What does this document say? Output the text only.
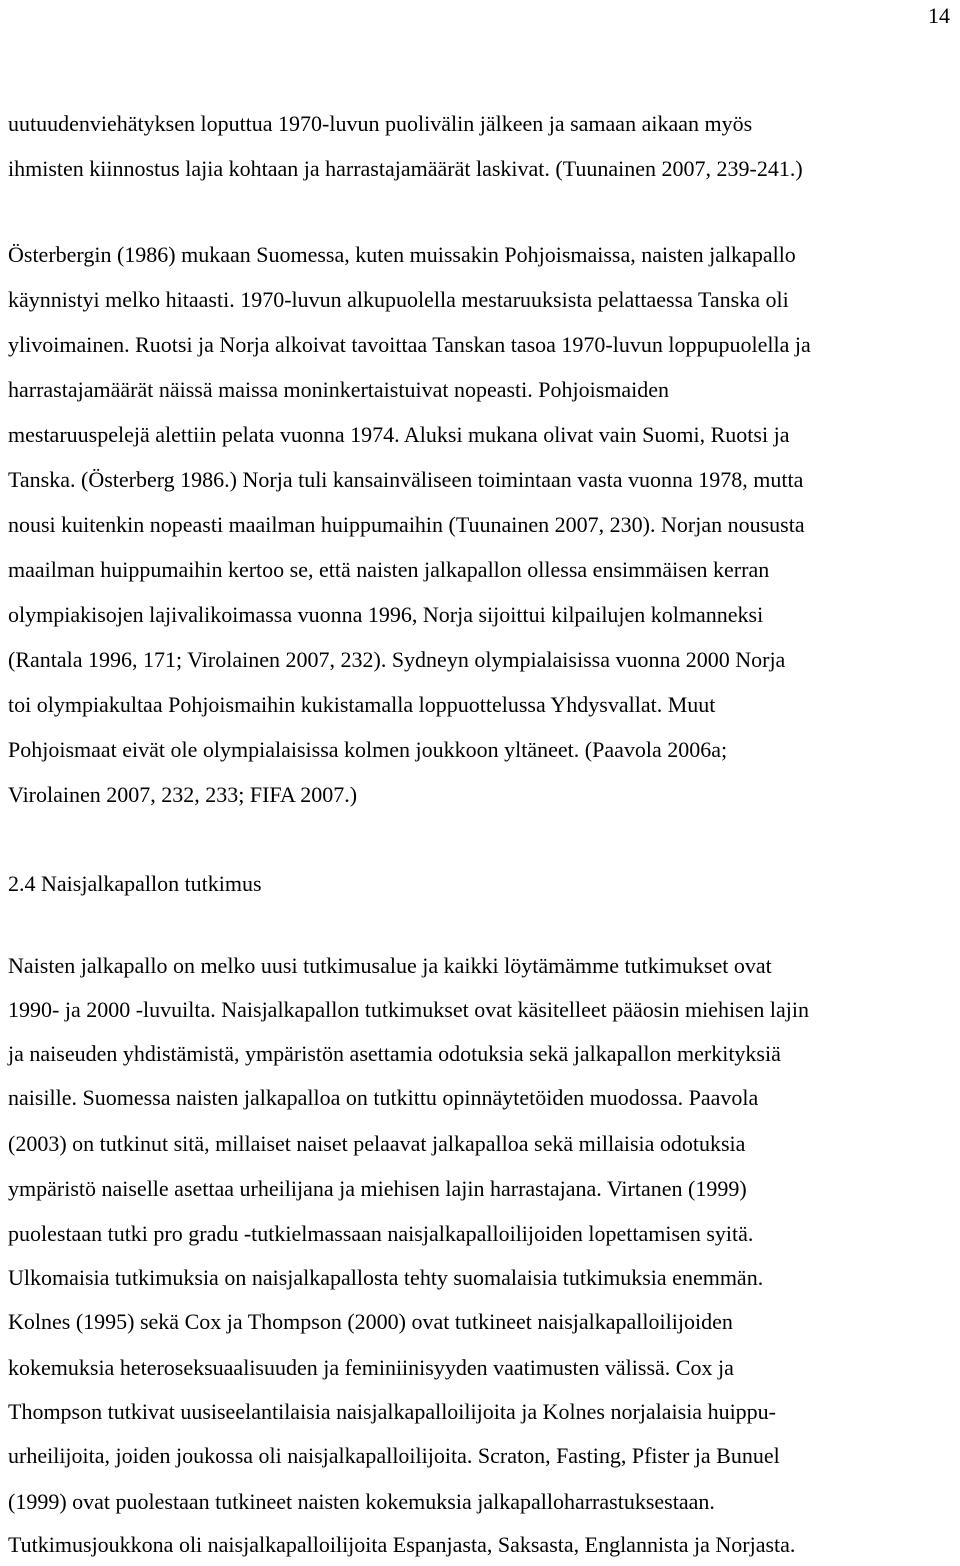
14
uutuudenviehätyksen loputtua 1970-luvun puolivälin jälkeen ja samaan aikaan myös
ihmisten kiinnostus lajia kohtaan ja harrastajamäärät laskivat. (Tuunainen 2007, 239-241.)
Österbergin (1986) mukaan Suomessa, kuten muissakin Pohjoismaissa, naisten jalkapallo
käynnistyi melko hitaasti. 1970-luvun alkupuolella mestaruuksista pelattaessa Tanska oli
ylivoimainen. Ruotsi ja Norja alkoivat tavoittaa Tanskan tasoa 1970-luvun loppupuolella ja
harrastajamäärät näissä maissa moninkertaistuivat nopeasti. Pohjoismaiden
mestaruuspelejä alettiin pelata vuonna 1974. Aluksi mukana olivat vain Suomi, Ruotsi ja
Tanska. (Österberg 1986.) Norja tuli kansainväliseen toimintaan vasta vuonna 1978, mutta
nousi kuitenkin nopeasti maailman huippumaihin (Tuunainen 2007, 230). Norjan noususta
maailman huippumaihin kertoo se, että naisten jalkapallon ollessa ensimmäisen kerran
olympiakisojen lajivalikoimassa vuonna 1996, Norja sijoittui kilpailujen kolmanneksi
(Rantala 1996, 171; Virolainen 2007, 232). Sydneyn olympialaisissa vuonna 2000 Norja
toi olympiakultaa Pohjoismaihin kukistamalla loppuottelussa Yhdysvallat. Muut
Pohjoismaat eivät ole olympialaisissa kolmen joukkoon yltäneet. (Paavola 2006a;
Virolainen 2007, 232, 233; FIFA 2007.)
2.4 Naisjalkapallon tutkimus
Naisten jalkapallo on melko uusi tutkimusalue ja kaikki löytämämme tutkimukset ovat
1990- ja 2000 -luvuilta. Naisjalkapallon tutkimukset ovat käsitelleet pääosin miehisen lajin
ja naiseuden yhdistämistä, ympäristön asettamia odotuksia sekä jalkapallon merkityksiä
naisille. Suomessa naisten jalkapalloa on tutkittu opinnäytetöiden muodossa. Paavola
(2003) on tutkinut sitä, millaiset naiset pelaavat jalkapalloa sekä millaisia odotuksia
ympäristö naiselle asettaa urheilijana ja miehisen lajin harrastajana. Virtanen (1999)
puolestaan tutki pro gradu -tutkielmassaan naisjalkapalloilijoiden lopettamisen syitä.
Ulkomaisia tutkimuksia on naisjalkapallosta tehty suomalaisia tutkimuksia enemmän.
Kolnes (1995) sekä Cox ja Thompson (2000) ovat tutkineet naisjalkapalloilijoiden
kokemuksia heteroseksuaalisuuden ja feminiinisyyden vaatimusten välissä. Cox ja
Thompson tutkivat uusiseelantilaisia naisjalkapalloilijoita ja Kolnes norjalaisia huippu-
urheilijoita, joiden joukossa oli naisjalkapalloilijoita. Scraton, Fasting, Pfister ja Bunuel
(1999) ovat puolestaan tutkineet naisten kokemuksia jalkapalloharrastuksestaan.
Tutkimusjoukkona oli naisjalkapalloilijoita Espanjasta, Saksasta, Englannista ja Norjasta.
